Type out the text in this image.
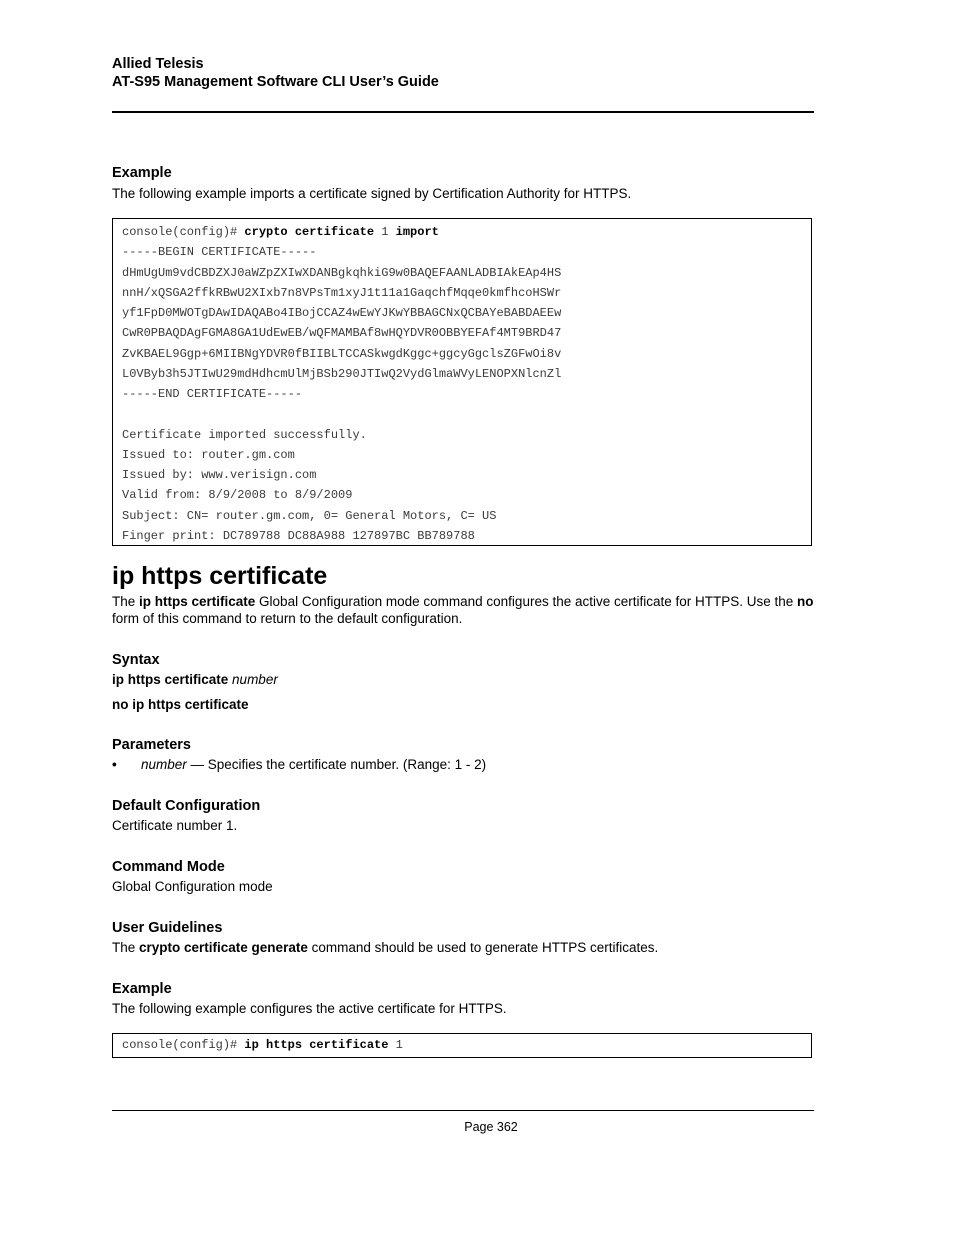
Allied Telesis
AT-S95 Management Software CLI User’s Guide
Example

The following example imports a certificate signed by Certification Authority for HTTPS.

console(config)# crypto certificate 1 import
-----BEGIN CERTIFICATE-----
dHmUgUm9vdCBDZXJ0aWZpZXIwXDANBgkqhkiG9w0BAQEFAANLADBIAkEAp4HS
nnH/xQSGA2ffkRBwU2XIxb7n8VPsTm1xyJ1t11a1GaqchfMqqe0kmfhcoHSWr
yf1FpD0MWOTgDAwIDAQABo4IBojCCAZ4wEwYJKwYBBAGCNxQCBAYeBABDAEEw
CwR0PBAQDAgFGMA8GA1UdEwEB/wQFMAMBAf8wHQYDVR0OBBYEFAf4MT9BRD47
ZvKBAEL9Ggp+6MIIBNgYDVR0fBIIBLTCCASkwgdKggc+ggcyGgclsZGFwOi8v
L0VByb3h5JTIwU29mdHdhcmUlMjBSb290JTIwQ2VydGlmaWVyLENOPXNlcnZl
-----END CERTIFICATE-----
Certificate imported successfully.
Issued to: router.gm.com
Issued by: www.verisign.com
Valid from: 8/9/2008 to 8/9/2009
Subject: CN= router.gm.com, 0= General Motors, C= US
Finger print: DC789788 DC88A988 127897BC BB789788
ip https certificate

The ip https certificate Global Configuration mode command configures the active certificate for HTTPS. Use the no form of this command to return to the default configuration.

Syntax

ip https certificate number

no ip https certificate

Parameters
• number — Specifies the certificate number. (Range: 1 - 2)
Default Configuration

Certificate number 1.

Command Mode

Global Configuration mode

User Guidelines

The crypto certificate generate command should be used to generate HTTPS certificates.

Example

The following example configures the active certificate for HTTPS.

console(config)# ip https certificate 1
Page 362
